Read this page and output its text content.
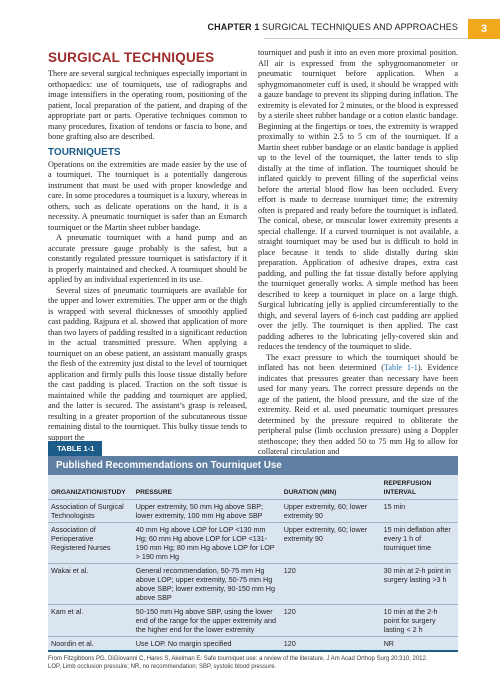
CHAPTER 1 SURGICAL TECHNIQUES AND APPROACHES	3
SURGICAL TECHNIQUES

There are several surgical techniques especially important in orthopaedics: use of tourniquets, use of radiographs and image intensifiers in the operating room, positioning of the patient, local preparation of the patient, and draping of the appropriate part or parts. Operative techniques common to many procedures, fixation of tendons or fascia to bone, and bone grafting also are described.

TOURNIQUETS

Operations on the extremities are made easier by the use of a tourniquet. The tourniquet is a potentially dangerous instrument that must be used with proper knowledge and care. In some procedures a tourniquet is a luxury, whereas in others, such as delicate operations on the hand, it is a necessity. A pneumatic tourniquet is safer than an Esmarch tourniquet or the Martin sheet rubber bandage.

A pneumatic tourniquet with a hand pump and an accurate pressure gauge probably is the safest, but a constantly regulated pressure tourniquet is satisfactory if it is properly maintained and checked. A tourniquet should be applied by an individual experienced in its use.

Several sizes of pneumatic tourniquets are available for the upper and lower extremities. The upper arm or the thigh is wrapped with several thicknesses of smoothly applied cast padding. Rajpura et al. showed that application of more than two layers of padding resulted in a significant reduction in the actual transmitted pressure. When applying a tourniquet on an obese patient, an assistant manually grasps the flesh of the extremity just distal to the level of tourniquet application and firmly pulls this loose tissue distally before the cast padding is placed. Traction on the soft tissue is maintained while the padding and tourniquet are applied, and the latter is secured. The assistant’s grasp is released, resulting in a greater proportion of the subcutaneous tissue remaining distal to the tourniquet. This bulky tissue tends to support the

tourniquet and push it into an even more proximal position. All air is expressed from the sphygmomanometer or pneumatic tourniquet before application. When a sphygmomanometer cuff is used, it should be wrapped with a gauze bandage to prevent its slipping during inflation. The extremity is elevated for 2 minutes, or the blood is expressed by a sterile sheet rubber bandage or a cotton elastic bandage. Beginning at the fingertips or toes, the extremity is wrapped proximally to within 2.5 to 5 cm of the tourniquet. If a Martin sheet rubber bandage or an elastic bandage is applied up to the level of the tourniquet, the latter tends to slip distally at the time of inflation. The tourniquet should be inflated quickly to prevent filling of the superficial veins before the arterial blood flow has been occluded. Every effort is made to decrease tourniquet time; the extremity often is prepared and ready before the tourniquet is inflated. The conical, obese, or muscular lower extremity presents a special challenge. If a curved tourniquet is not available, a straight tourniquet may be used but is difficult to hold in place because it tends to slide distally during skin preparation. Application of adhesive drapes, extra cast padding, and pulling the fat tissue distally before applying the tourniquet generally works. A simple method has been described to keep a tourniquet in place on a large thigh. Surgical lubricating jelly is applied circumferentially to the thigh, and several layers of 6-inch cast padding are applied over the jelly. The tourniquet is then applied. The cast padding adheres to the lubricating jelly-covered skin and reduces the tendency of the tourniquet to slide.

The exact pressure to which the tourniquet should be inflated has not been determined (Table 1-1). Evidence indicates that pressures greater than necessary have been used for many years. The correct pressure depends on the age of the patient, the blood pressure, and the size of the extremity. Reid et al. used pneumatic tourniquet pressures determined by the pressure required to obliterate the peripheral pulse (limb occlusion pressure) using a Doppler stethoscope; they then added 50 to 75 mm Hg to allow for collateral circulation and

TABLE 1-1
Published Recommendations on Tourniquet Use
ORGANIZATION/STUDY	PRESSURE	DURATION (MIN)	REPERFUSION INTERVAL
Association of Surgical Technologists	Upper extremity, 50 mm Hg above SBP; lower extremity, 100 mm Hg above SBP	Upper extremity, 60; lower extremity 90	15 min
Association of Perioperative Registered Nurses	40 mm Hg above LOP for LOP <130 mm Hg; 60 mm Hg above LOP for LOP <131-190 mm Hg; 80 mm Hg above LOP for LOP > 190 mm Hg	Upper extremity, 60; lower extremity 90	15 min deflation after every 1 h of tourniquet time
Wakai et al.	General recommendation, 50-75 mm Hg above LOP; upper extremity, 50-75 mm Hg above SBP; lower extremity, 90-150 mm Hg above SBP	120	30 min at 2-h point in surgery lasting >3 h
Kam et al.	50-150 mm Hg above SBP, using the lower end of the range for the upper extremity and the higher end for the lower extremity	120	10 min at the 2-h point for surgery lasting < 2 h
Noordin et al.	Use LOP. No margin specified	120	NR
From Fitzgibbons PG, DiGiovanni C, Hares S, Akelman E: Safe tourniquet use: a review of the literature, J Am Acad Orthop Surg 20:310, 2012.
LOP, Limb occlusion pressure; NR, no recommendation; SBP, systolic blood pressure.
